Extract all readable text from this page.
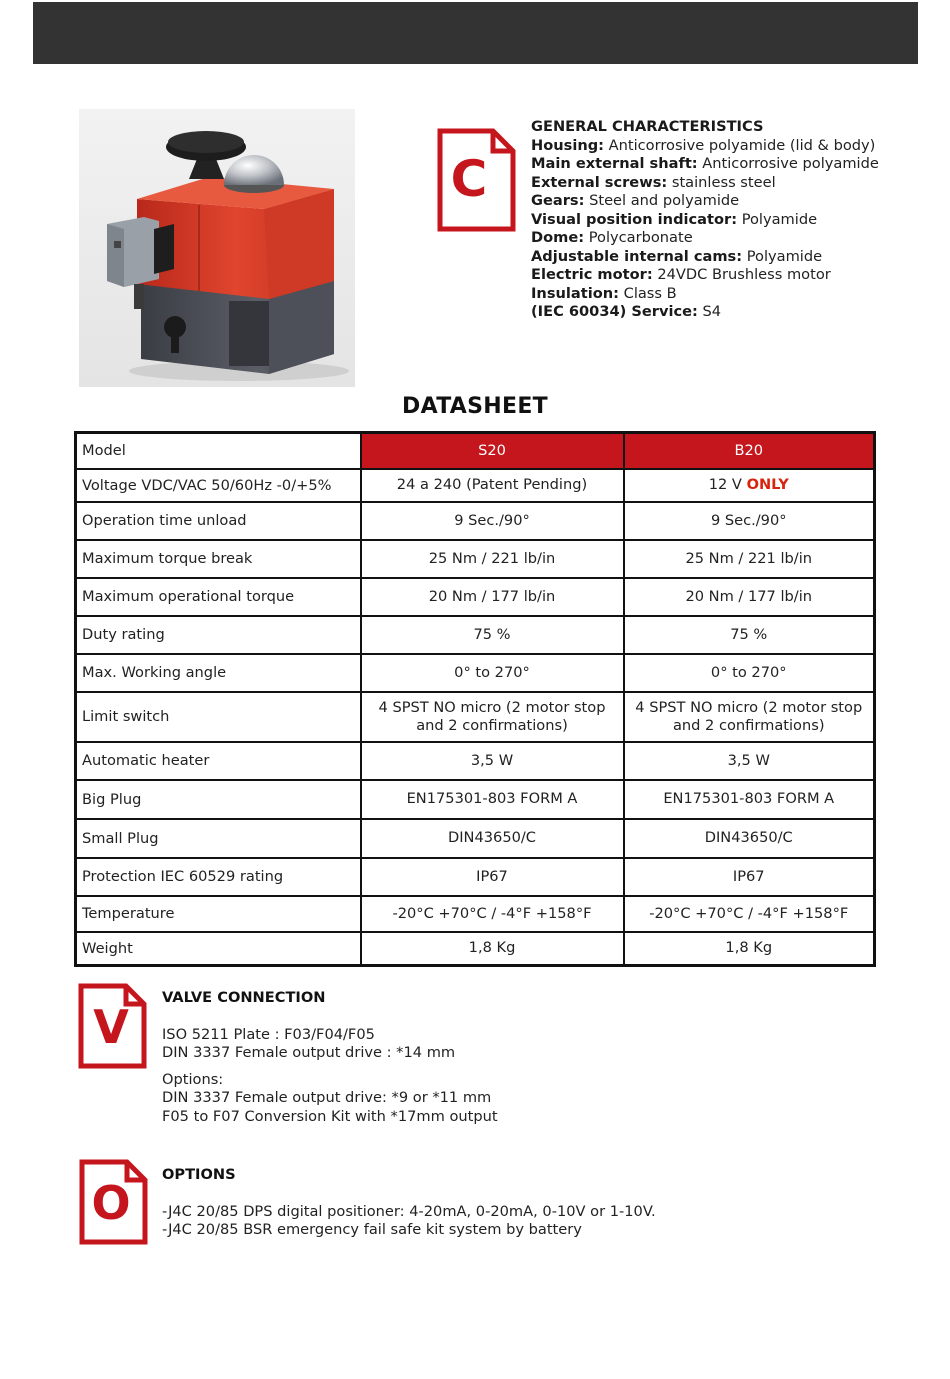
C
GENERAL CHARACTERISTICS
Housing: Anticorrosive polyamide (lid & body)
Main external shaft: Anticorrosive polyamide
External screws: stainless steel
Gears: Steel and polyamide
Visual position indicator: Polyamide
Dome: Polycarbonate
Adjustable internal cams: Polyamide
Electric motor: 24VDC Brushless motor
Insulation: Class B
(IEC 60034) Service: S4
DATASHEET
Model	S20	B20
Voltage VDC/VAC 50/60Hz -0/+5%	24 a 240 (Patent Pending)	12 V ONLY
Operation time unload	9 Sec./90°	9 Sec./90°
Maximum torque break	25 Nm / 221 lb/in	25 Nm / 221 lb/in
Maximum operational torque	20 Nm / 177 lb/in	20 Nm / 177 lb/in
Duty rating	75 %	75 %
Max. Working angle	0° to 270°	0° to 270°
Limit switch	4 SPST NO micro (2 motor stop and 2 confirmations)	4 SPST NO micro (2 motor stop and 2 confirmations)
Automatic heater	3,5 W	3,5 W
Big Plug	EN175301-803 FORM A	EN175301-803 FORM A
Small Plug	DIN43650/C	DIN43650/C
Protection IEC 60529 rating	IP67	IP67
Temperature	-20°C +70°C / -4°F +158°F	-20°C +70°C / -4°F +158°F
Weight	1,8 Kg	1,8 Kg
V
VALVE CONNECTION
ISO 5211 Plate : F03/F04/F05
DIN 3337 Female output drive : *14 mm
Options:
DIN 3337 Female output drive: *9 or *11 mm
F05 to F07 Conversion Kit with *17mm output
O
OPTIONS
-J4C 20/85 DPS digital positioner: 4-20mA, 0-20mA, 0-10V or 1-10V.
-J4C 20/85 BSR emergency fail safe kit system by battery
